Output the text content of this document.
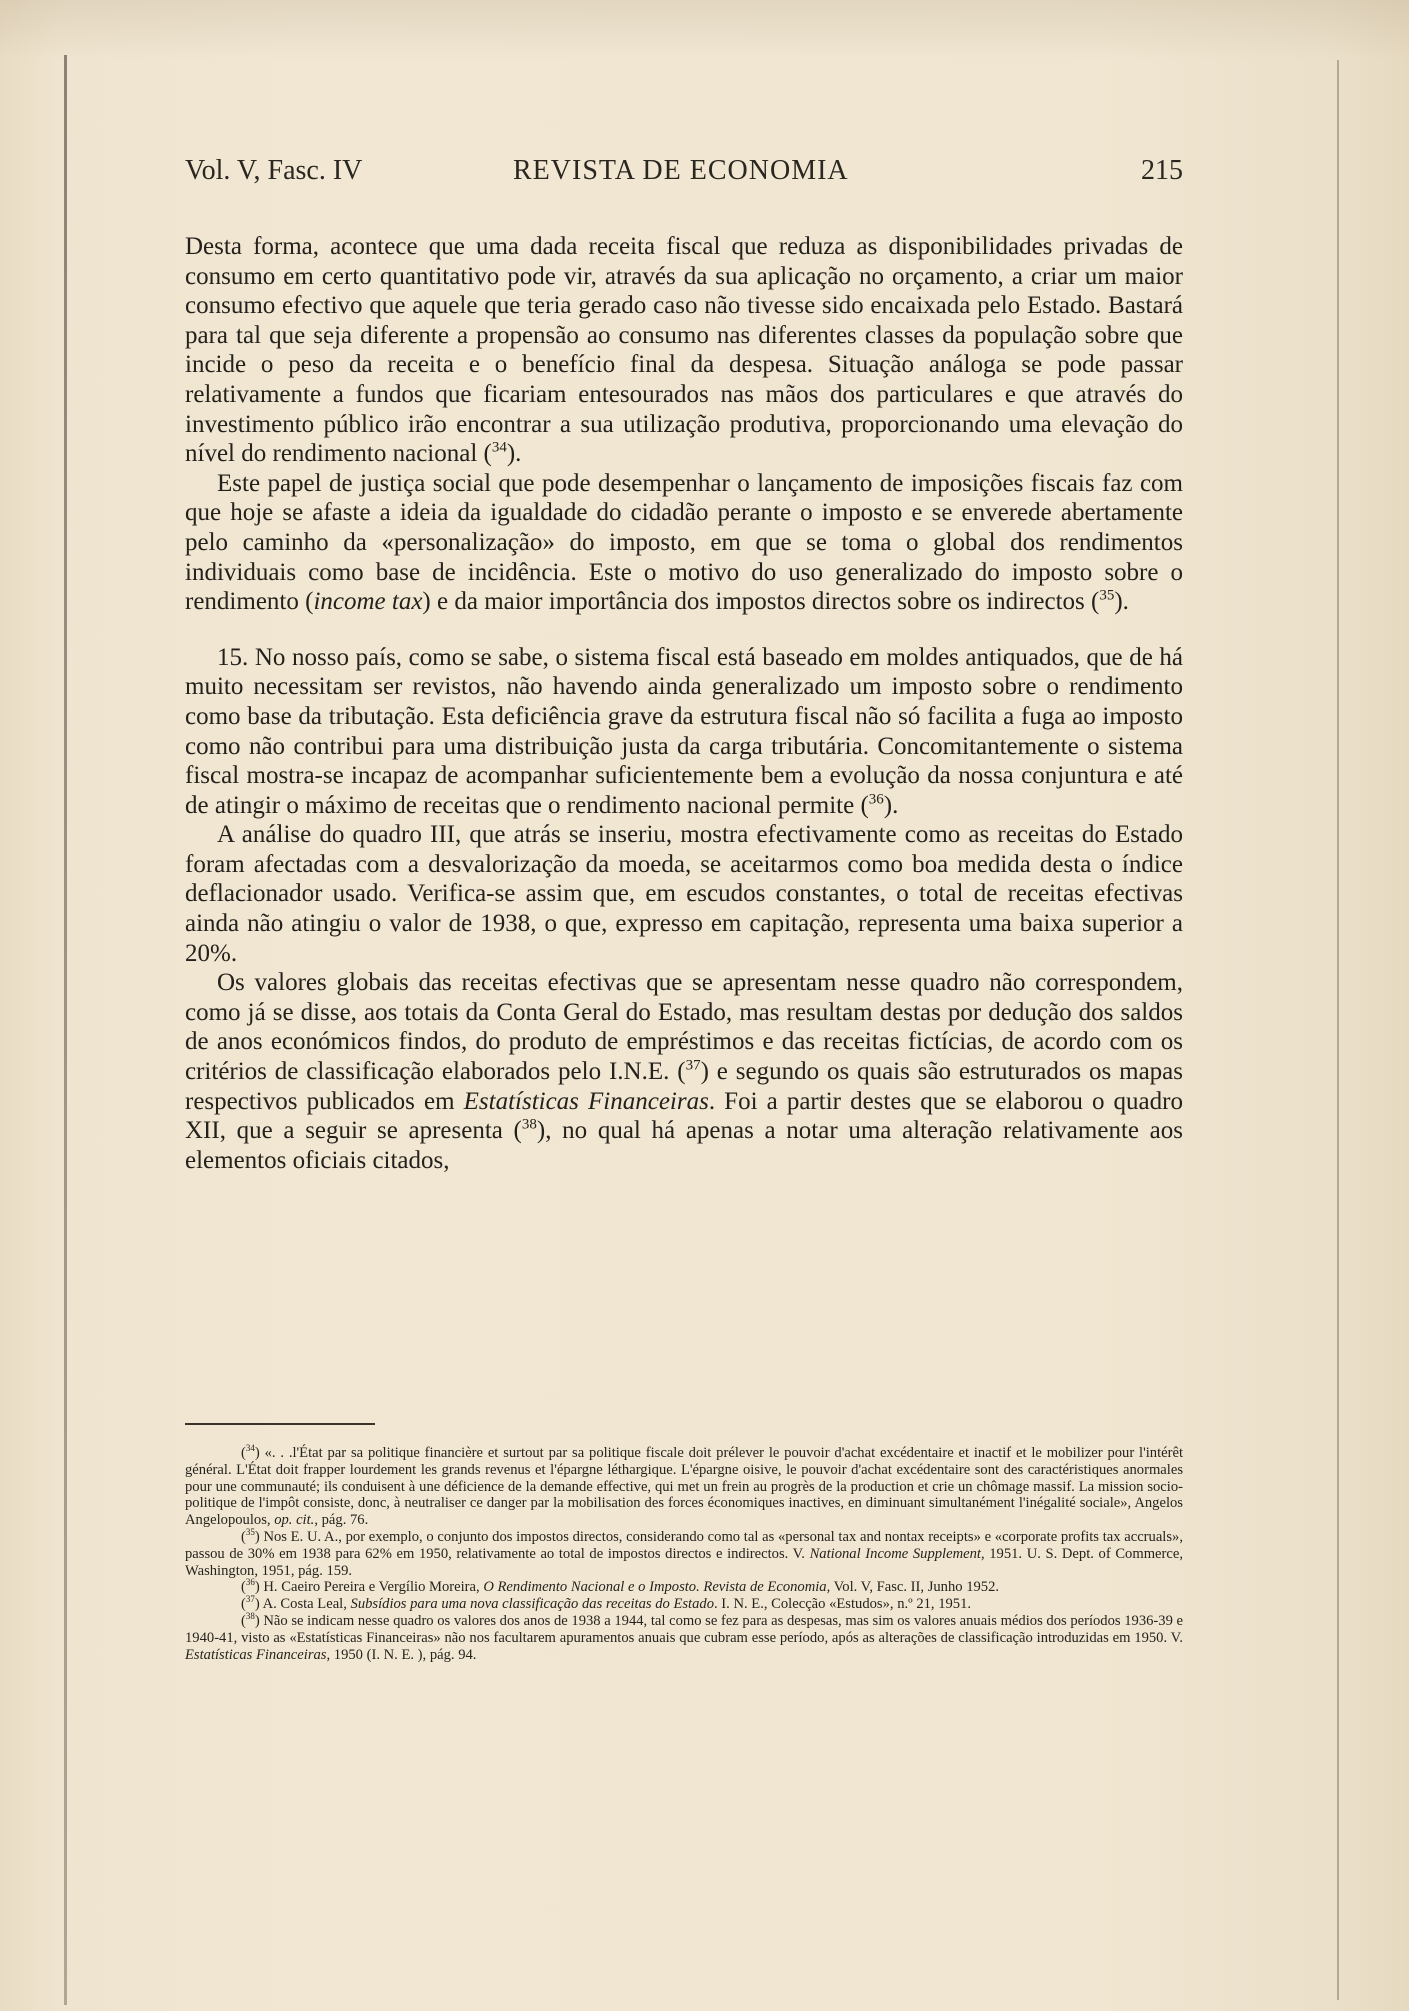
Vol. V, Fasc. IV	REVISTA DE ECONOMIA	215

Desta forma, acontece que uma dada receita fiscal que reduza as disponibilidades privadas de consumo em certo quantitativo pode vir, através da sua aplicação no orçamento, a criar um maior consumo efectivo que aquele que teria gerado caso não tivesse sido encaixada pelo Estado. Bastará para tal que seja diferente a propensão ao consumo nas diferentes classes da população sobre que incide o peso da receita e o benefício final da despesa. Situação análoga se pode passar relativamente a fundos que ficariam entesourados nas mãos dos particulares e que através do investimento público irão encontrar a sua utilização produtiva, proporcionando uma elevação do nível do rendimento nacional ($^{34}$).

Este papel de justiça social que pode desempenhar o lançamento de imposições fiscais faz com que hoje se afaste a ideia da igualdade do cidadão perante o imposto e se enverede abertamente pelo caminho da «personalização» do imposto, em que se toma o global dos rendimentos individuais como base de incidência. Este o motivo do uso generalizado do imposto sobre o rendimento (income tax) e da maior importância dos impostos directos sobre os indirectos ($^{35}$).

15. No nosso país, como se sabe, o sistema fiscal está baseado em moldes antiquados, que de há muito necessitam ser revistos, não havendo ainda generalizado um imposto sobre o rendimento como base da tributação. Esta deficiência grave da estrutura fiscal não só facilita a fuga ao imposto como não contribui para uma distribuição justa da carga tributária. Concomitantemente o sistema fiscal mostra-se incapaz de acompanhar suficientemente bem a evolução da nossa conjuntura e até de atingir o máximo de receitas que o rendimento nacional permite ($^{36}$).

A análise do quadro III, que atrás se inseriu, mostra efectivamente como as receitas do Estado foram afectadas com a desvalorização da moeda, se aceitarmos como boa medida desta o índice deflacionador usado. Verifica-se assim que, em escudos constantes, o total de receitas efectivas ainda não atingiu o valor de 1938, o que, expresso em capitação, representa uma baixa superior a 20%.

Os valores globais das receitas efectivas que se apresentam nesse quadro não correspondem, como já se disse, aos totais da Conta Geral do Estado, mas resultam destas por dedução dos saldos de anos económicos findos, do produto de empréstimos e das receitas fictícias, de acordo com os critérios de classificação elaborados pelo I.N.E. ($^{37}$) e segundo os quais são estruturados os mapas respectivos publicados em Estatísticas Financeiras. Foi a partir destes que se elaborou o quadro XII, que a seguir se apresenta ($^{38}$), no qual há apenas a notar uma alteração relativamente aos elementos oficiais citados,

($^{34}$) «. . .l'État par sa politique financière et surtout par sa politique fiscale doit prélever le pouvoir d'achat excédentaire et inactif et le mobilizer pour l'intérêt général. L'État doit frapper lourdement les grands revenus et l'épargne léthargique. L'épargne oisive, le pouvoir d'achat excédentaire sont des caractéristiques anormales pour une communauté; ils conduisent à une déficience de la demande effective, qui met un frein au progrès de la production et crie un chômage massif. La mission socio-politique de l'impôt consiste, donc, à neutraliser ce danger par la mobilisation des forces économiques inactives, en diminuant simultanément l'inégalité sociale», Angelos Angelopoulos, op. cit., pág. 76.

($^{35}$) Nos E. U. A., por exemplo, o conjunto dos impostos directos, considerando como tal as «personal tax and nontax receipts» e «corporate profits tax accruals», passou de 30% em 1938 para 62% em 1950, relativamente ao total de impostos directos e indirectos. V. National Income Supplement, 1951. U. S. Dept. of Commerce, Washington, 1951, pág. 159.

($^{36}$) H. Caeiro Pereira e Vergílio Moreira, O Rendimento Nacional e o Imposto. Revista de Economia, Vol. V, Fasc. II, Junho 1952.

($^{37}$) A. Costa Leal, Subsídios para uma nova classificação das receitas do Estado. I. N. E., Colecção «Estudos», n.º 21, 1951.

($^{38}$) Não se indicam nesse quadro os valores dos anos de 1938 a 1944, tal como se fez para as despesas, mas sim os valores anuais médios dos períodos 1936-39 e 1940-41, visto as «Estatísticas Financeiras» não nos facultarem apuramentos anuais que cubram esse período, após as alterações de classificação introduzidas em 1950. V. Estatísticas Financeiras, 1950 (I. N. E. ), pág. 94.
